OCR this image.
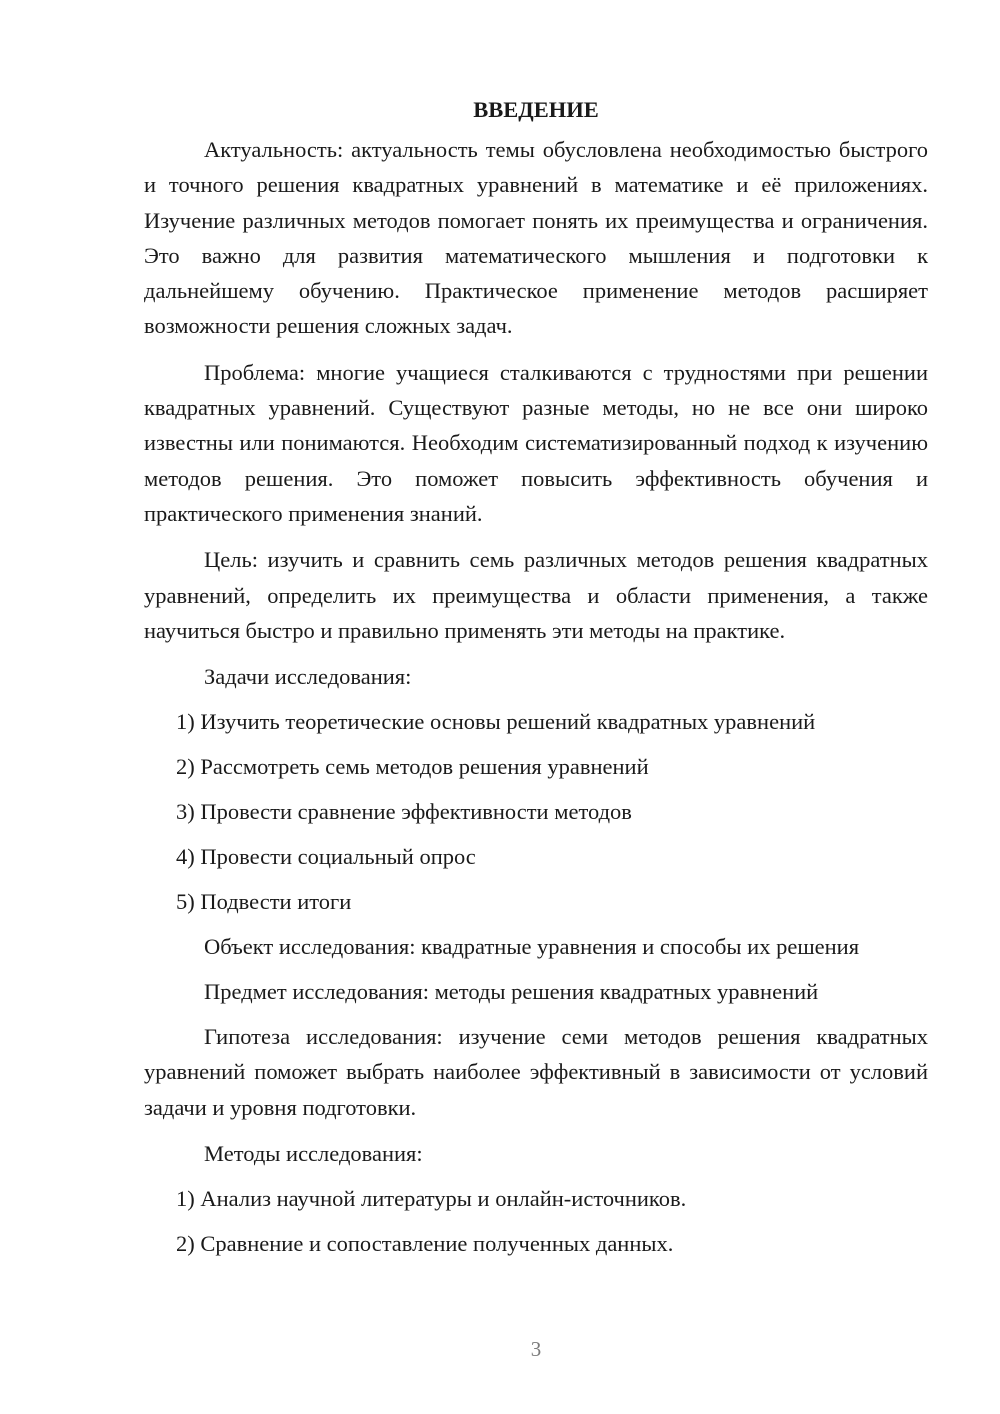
ВВЕДЕНИЕ
Актуальность: актуальность темы обусловлена необходимостью быстрого и точного решения квадратных уравнений в математике и её приложениях. Изучение различных методов помогает понять их преимущества и ограничения. Это важно для развития математического мышления и подготовки к дальнейшему обучению. Практическое применение методов расширяет возможности решения сложных задач.
Проблема: многие учащиеся сталкиваются с трудностями при решении квадратных уравнений. Существуют разные методы, но не все они широко известны или понимаются. Необходим систематизированный подход к изучению методов решения. Это поможет повысить эффективность обучения и практического применения знаний.
Цель: изучить и сравнить семь различных методов решения квадратных уравнений, определить их преимущества и области применения, а также научиться быстро и правильно применять эти методы на практике.
Задачи исследования:
1) Изучить теоретические основы решений квадратных уравнений
2) Рассмотреть семь методов решения уравнений
3) Провести сравнение эффективности методов
4) Провести социальный опрос
5) Подвести итоги
Объект исследования: квадратные уравнения и способы их решения
Предмет исследования: методы решения квадратных уравнений
Гипотеза исследования: изучение семи методов решения квадратных уравнений поможет выбрать наиболее эффективный в зависимости от условий задачи и уровня подготовки.
Методы исследования:
1) Анализ научной литературы и онлайн-источников.
2) Сравнение и сопоставление полученных данных.
3
